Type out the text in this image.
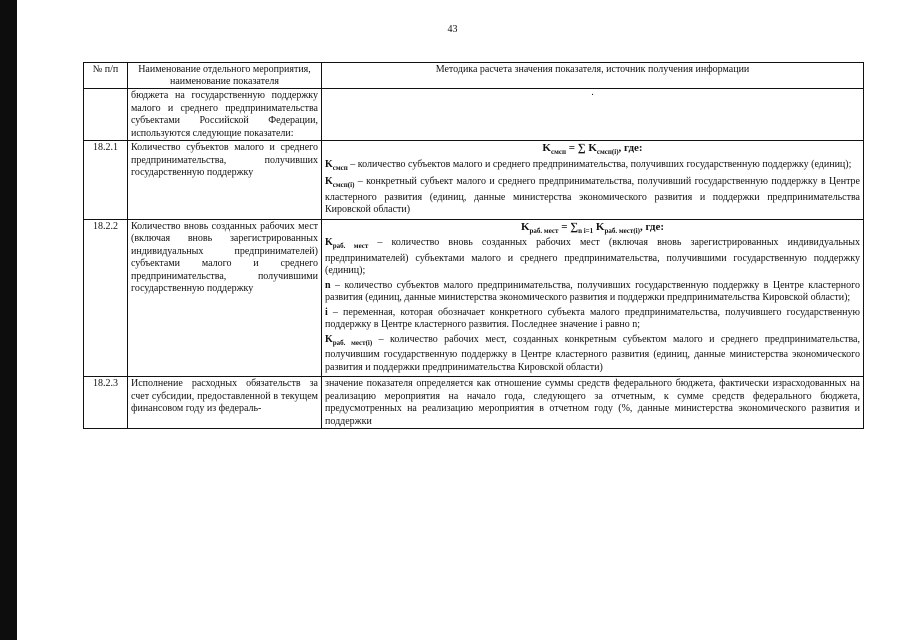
43
№ п/п	Наименование отдельного мероприятия, наименование показателя	Методика расчета значения показателя, источник получения информации
	бюджета на государственную поддержку малого и среднего предпринимательства субъектами Российской Федерации, используются следующие показатели:	·
18.2.1	Количество субъектов малого и среднего предпринимательства, получивших государственную поддержку	$K_{смсп}$ = ∑ $K_{смсп(i)}$, где:
$K_{смсп}$ – количество субъектов малого и среднего предпринимательства, получивших государственную поддержку (единиц);
$K_{смсп(i)}$ – конкретный субъект малого и среднего предпринимательства, получивший государственную поддержку в Центре кластерного развития (единиц, данные министерства экономического развития и поддержки предпринимательства Кировской области)

18.2.2	Количество вновь созданных рабочих мест (включая вновь зарегистрированных индивидуальных предпринимателей) субъектами малого и среднего предпринимательства, получившими государственную поддержку	$K_{раб. мест} = \sum_{n i=1}$ $K_{раб. мест(i)}$, где:
$K_{раб. мест}$ – количество вновь созданных рабочих мест (включая вновь зарегистрированных индивидуальных предпринимателей) субъектами малого и среднего предпринимательства, получившими государственную поддержку (единиц);
n – количество субъектов малого предпринимательства, получивших государственную поддержку в Центре кластерного развития (единиц, данные министерства экономического развития и поддержки предпринимательства Кировской области);
i – переменная, которая обозначает конкретного субъекта малого предпринимательства, получившего государственную поддержку в Центре кластерного развития. Последнее значение i равно n;
$K_{раб. мест(i)}$ – количество рабочих мест, созданных конкретным субъектом малого и среднего предпринимательства, получившим государственную поддержку в Центре кластерного развития (единиц, данные министерства экономического развития и поддержки предпринимательства Кировской области)

18.2.3	Исполнение расходных обязательств за счет субсидии, предоставленной в текущем финансовом году из федераль-	значение показателя определяется как отношение суммы средств федерального бюджета, фактически израсходованных на реализацию мероприятия на начало года, следующего за отчетным, к сумме средств федерального бюджета, предусмотренных на реализацию мероприятия в отчетном году (%, данные министерства экономического развития и поддержки
